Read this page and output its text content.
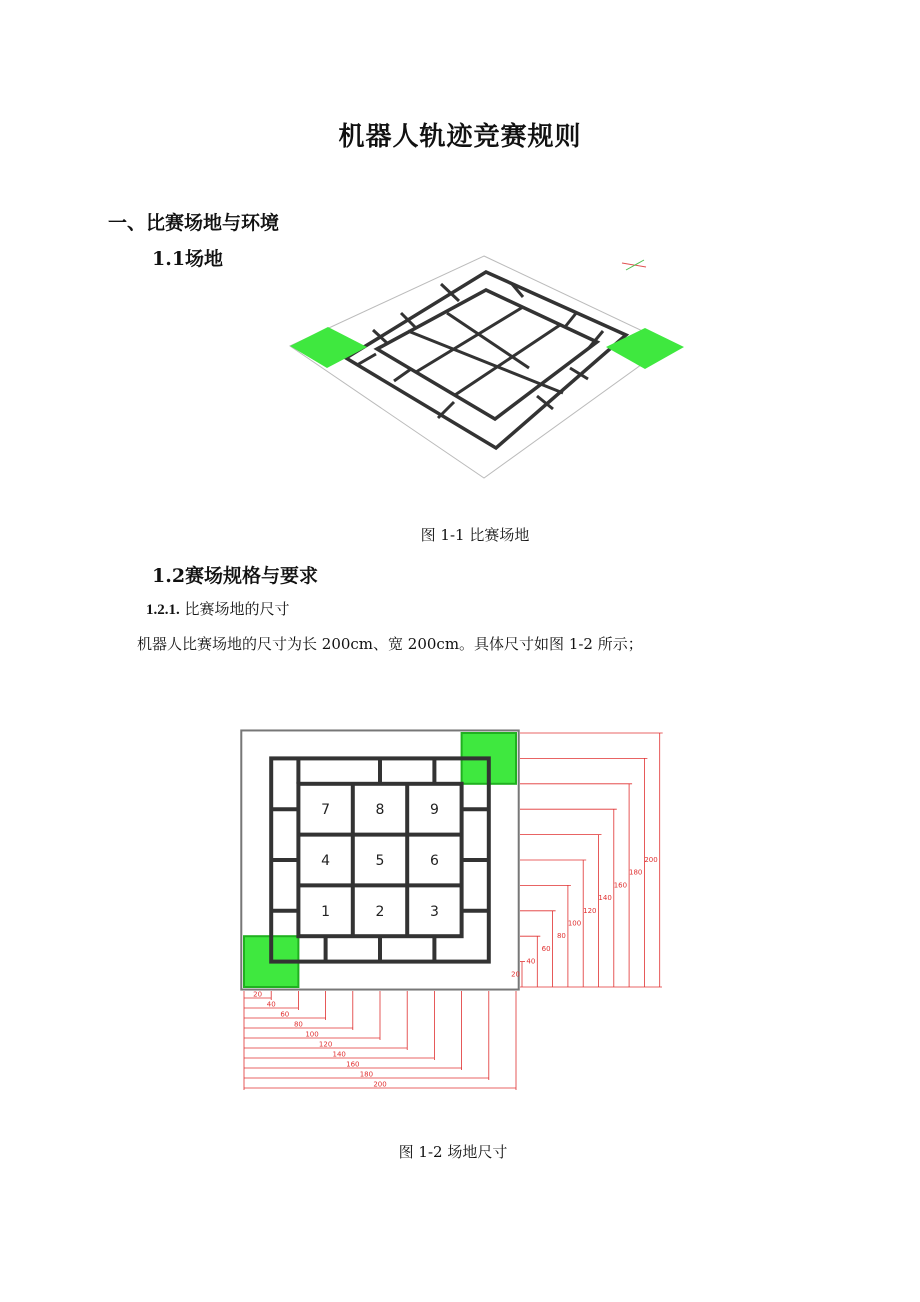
机器人轨迹竞赛规则
一、比赛场地与环境
1.1场地
图 1-1 比赛场地
1.2赛场规格与要求
1.2.1. 比赛场地的尺寸
机器人比赛场地的尺寸为长 200cm、宽 200cm。具体尺寸如图 1-2 所示；
7	8	9
4	5	6
1	2	3
20
40
60
80
100
120
140
160
180
200
20
40
60
80
100
120
140
160
180
200
图 1-2 场地尺寸
